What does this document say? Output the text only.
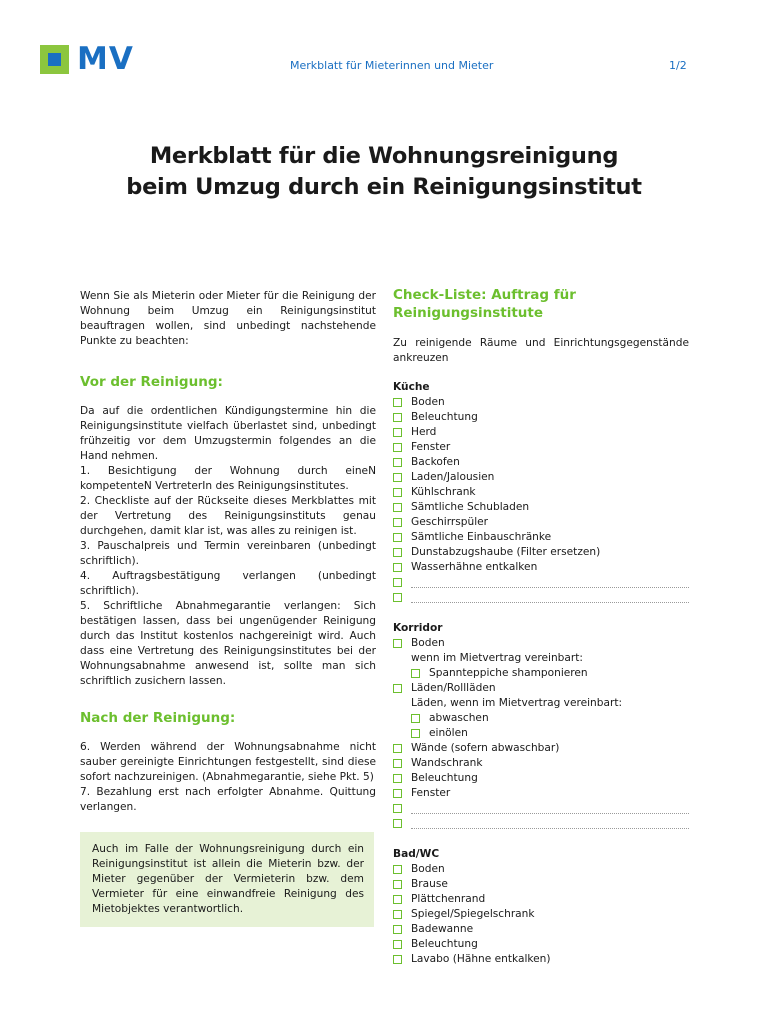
MV	Merkblatt für Mieterinnen und Mieter	1/2
Merkblatt für die Wohnungsreinigung
beim Umzug durch ein Reinigungsinstitut

Wenn Sie als Mieterin oder Mieter für die Reinigung der Wohnung beim Umzug ein Reinigungsinstitut beauftragen wollen, sind unbedingt nachstehende Punkte zu beachten:

Vor der Reinigung:

Da auf die ordentlichen Kündigungstermine hin die Reinigungsinstitute vielfach überlastet sind, unbedingt frühzeitig vor dem Umzugstermin folgendes an die Hand nehmen.

1. Besichtigung der Wohnung durch eineN kompetenteN VertreterIn des Reinigungsinstitutes.

2. Checkliste auf der Rückseite dieses Merkblattes mit der Vertretung des Reinigungsinstituts genau durchgehen, damit klar ist, was alles zu reinigen ist.

3. Pauschalpreis und Termin vereinbaren (unbedingt schriftlich).

4. Auftragsbestätigung verlangen (unbedingt schriftlich).

5. Schriftliche Abnahmegarantie verlangen: Sich bestätigen lassen, dass bei ungenügender Reinigung durch das Institut kostenlos nachgereinigt wird. Auch dass eine Vertretung des Reinigungsinstitutes bei der Wohnungsabnahme anwesend ist, sollte man sich schriftlich zusichern lassen.

Nach der Reinigung:

6. Werden während der Wohnungsabnahme nicht sauber gereinigte Einrichtungen festgestellt, sind diese sofort nachzureinigen. (Abnahmegarantie, siehe Pkt. 5)

7. Bezahlung erst nach erfolgter Abnahme. Quittung verlangen.

Auch im Falle der Wohnungsreinigung durch ein Reinigungsinstitut ist allein die Mieterin bzw. der Mieter gegenüber der Vermieterin bzw. dem Vermieter für eine einwandfreie Reinigung des Mietobjektes verantwortlich.

Check-Liste: Auftrag für Reinigungsinstitute
Zu reinigende Räume und Einrichtungsgegenstände ankreuzen
Küche
Boden
Beleuchtung
Herd
Fenster
Backofen
Laden/Jalousien
Kühlschrank
Sämtliche Schubladen
Geschirrspüler
Sämtliche Einbauschränke
Dunstabzugshaube (Filter ersetzen)
Wasserhähne entkalken
Korridor
Boden
wenn im Mietvertrag vereinbart:
Spannteppiche shamponieren
Läden/Rollläden
Läden, wenn im Mietvertrag vereinbart:
abwaschen
einölen
Wände (sofern abwaschbar)
Wandschrank
Beleuchtung
Fenster
Bad/WC
Boden
Brause
Plättchenrand
Spiegel/Spiegelschrank
Badewanne
Beleuchtung
Lavabo (Hähne entkalken)
